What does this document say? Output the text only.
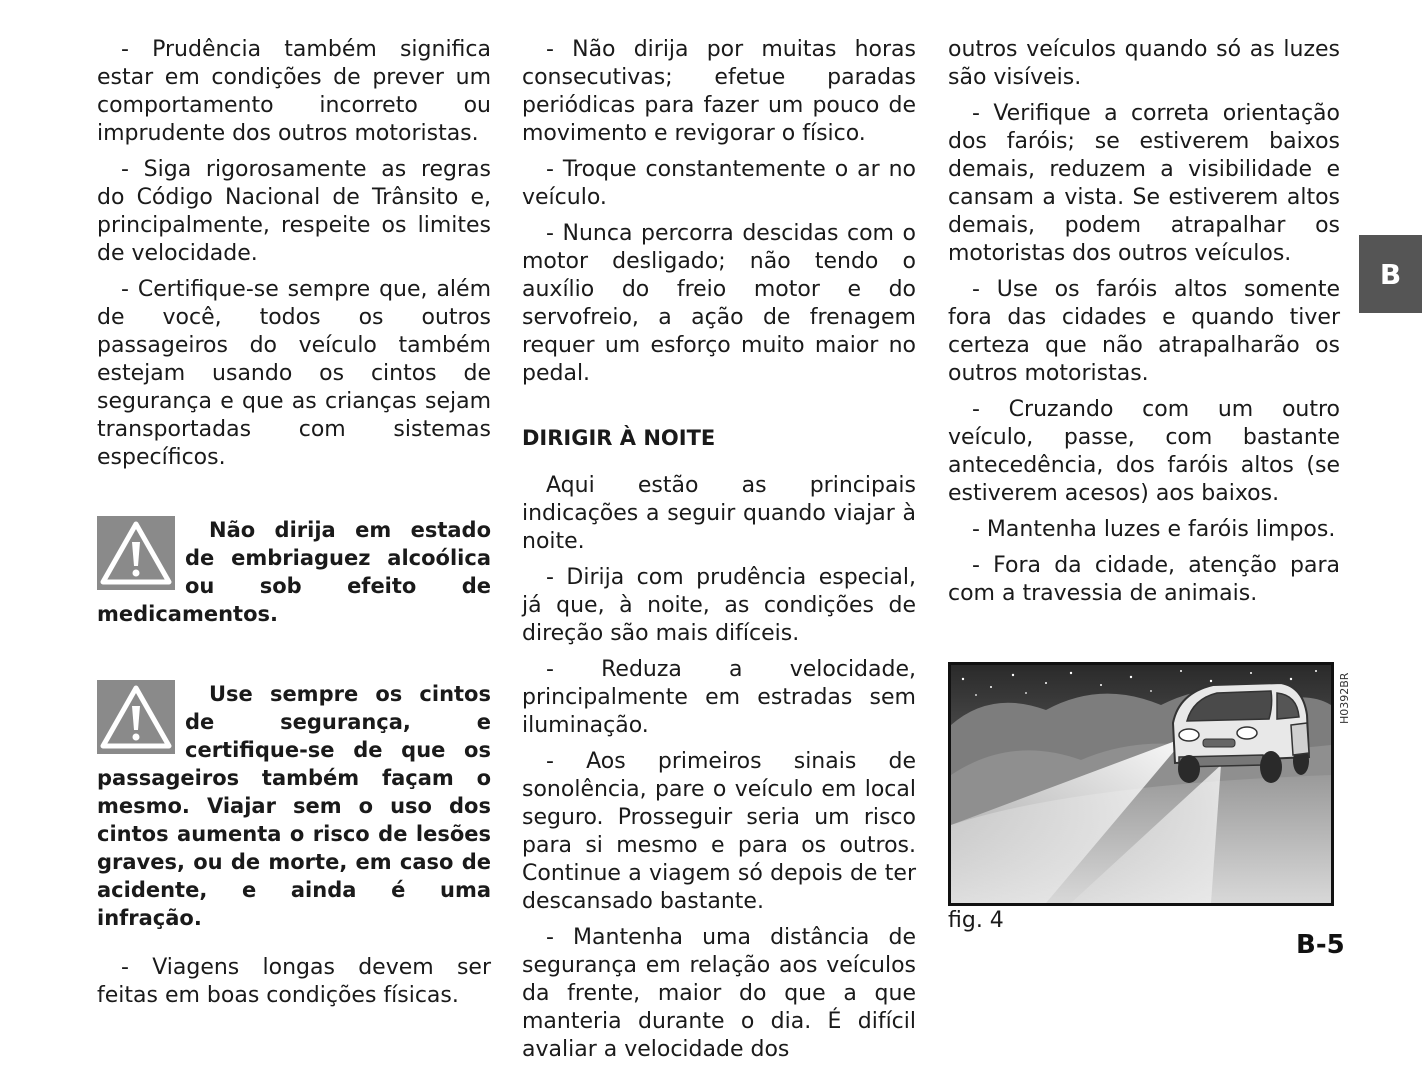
- Prudência também significa estar em condições de prever um comportamento incorreto ou imprudente dos outros motoristas.

- Siga rigorosamente as regras do Código Nacional de Trânsito e, principalmente, respeite os limites de velocidade.

- Certifique-se sempre que, além de você, todos os outros passageiros do veículo também estejam usando os cintos de segurança e que as crianças sejam transportadas com sistemas específicos.

Não dirija em estado de embriaguez alcoólica ou sob efeito de medicamentos.
Use sempre os cintos de segurança, e certifique-se de que os passageiros também façam o mesmo. Viajar sem o uso dos cintos aumenta o risco de lesões graves, ou de morte, em caso de acidente, e ainda é uma infração.

- Viagens longas devem ser feitas em boas condições físicas.

- Não dirija por muitas horas consecutivas; efetue paradas periódicas para fazer um pouco de movimento e revigorar o físico.

- Troque constantemente o ar no veículo.

- Nunca percorra descidas com o motor desligado; não tendo o auxílio do freio motor e do servofreio, a ação de frenagem requer um esforço muito maior no pedal.

DIRIGIR À NOITE

Aqui estão as principais indicações a seguir quando viajar à noite.

- Dirija com prudência especial, já que, à noite, as condições de direção são mais difíceis.

- Reduza a velocidade, principalmente em estradas sem iluminação.

- Aos primeiros sinais de sonolência, pare o veículo em local seguro. Prosseguir seria um risco para si mesmo e para os outros. Continue a viagem só depois de ter descansado bastante.

- Mantenha uma distância de segurança em relação aos veículos da frente, maior do que a que manteria durante o dia. É difícil avaliar a velocidade dos

outros veículos quando só as luzes são visíveis.

- Verifique a correta orientação dos faróis; se estiverem baixos demais, reduzem a visibilidade e cansam a vista. Se estiverem altos demais, podem atrapalhar os motoristas dos outros veículos.

- Use os faróis altos somente fora das cidades e quando tiver certeza que não atrapalharão os outros motoristas.

- Cruzando com um outro veículo, passe, com bastante antecedência, dos faróis altos (se estiverem acesos) aos baixos.

- Mantenha luzes e faróis limpos.

- Fora da cidade, atenção para com a travessia de animais.

B
H0392BR
fig. 4
B-5
